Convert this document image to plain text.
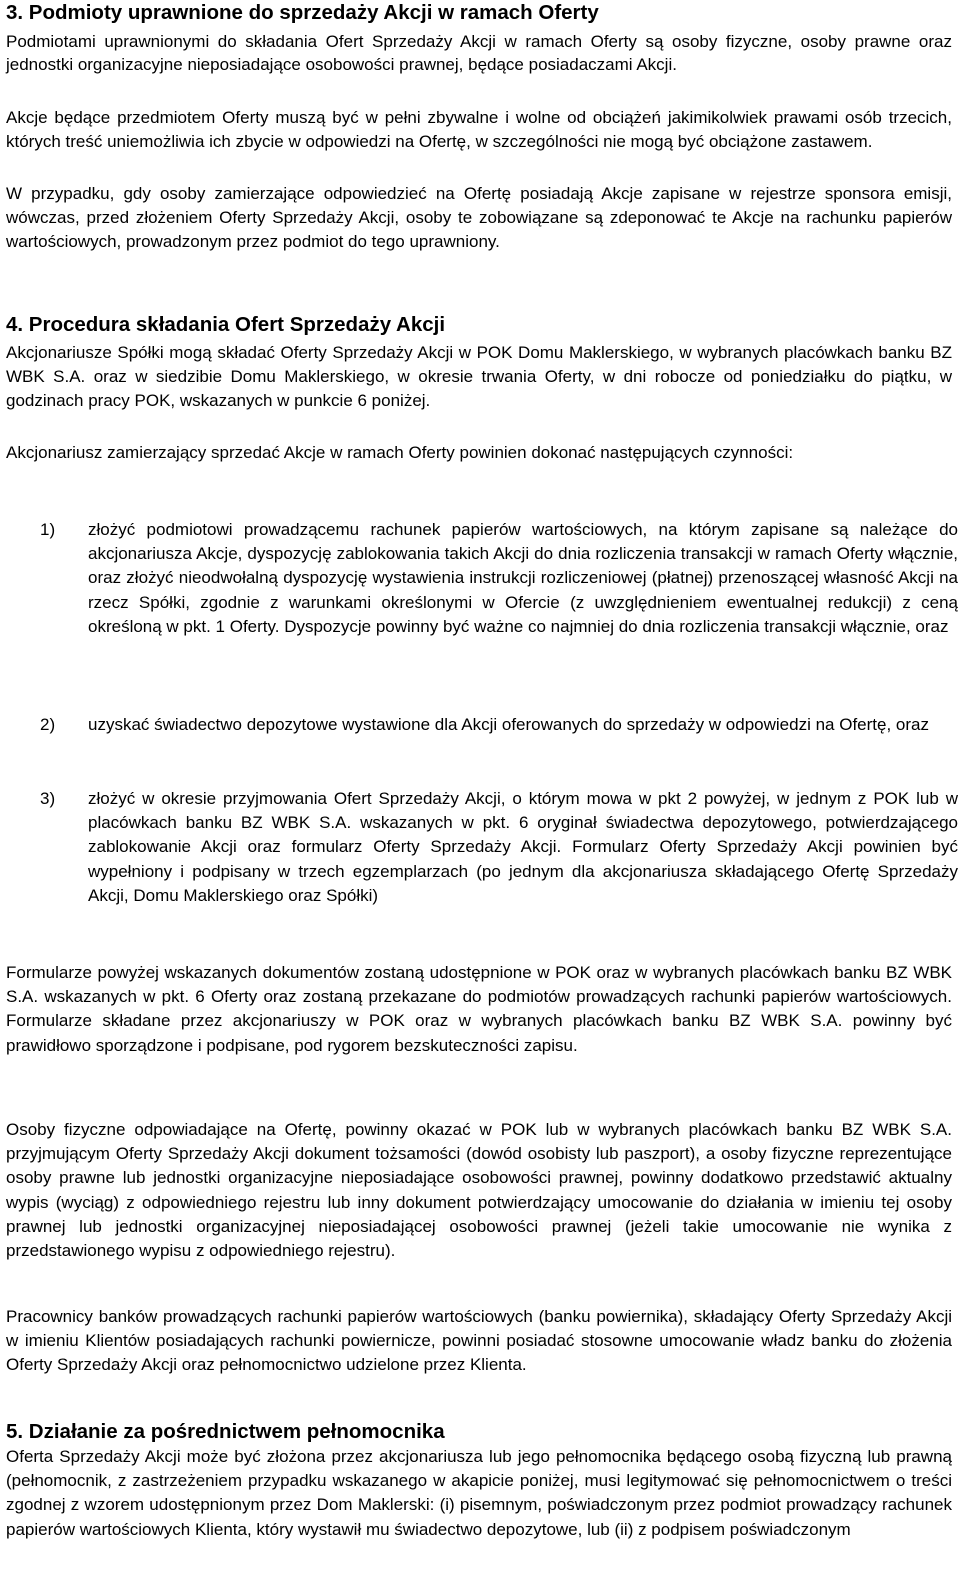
3. Podmioty uprawnione do sprzedaży Akcji w ramach Oferty

Podmiotami uprawnionymi do składania Ofert Sprzedaży Akcji w ramach Oferty są osoby fizyczne, osoby prawne oraz jednostki organizacyjne nieposiadające osobowości prawnej, będące posiadaczami Akcji.

Akcje będące przedmiotem Oferty muszą być w pełni zbywalne i wolne od obciążeń jakimikolwiek prawami osób trzecich, których treść uniemożliwia ich zbycie w odpowiedzi na Ofertę, w szczególności nie mogą być obciążone zastawem.

W przypadku, gdy osoby zamierzające odpowiedzieć na Ofertę posiadają Akcje zapisane w rejestrze sponsora emisji, wówczas, przed złożeniem Oferty Sprzedaży Akcji, osoby te zobowiązane są zdeponować te Akcje na rachunku papierów wartościowych, prowadzonym przez podmiot do tego uprawniony.

4. Procedura składania Ofert Sprzedaży Akcji

Akcjonariusze Spółki mogą składać Oferty Sprzedaży Akcji w POK Domu Maklerskiego, w wybranych placówkach banku BZ WBK S.A. oraz w siedzibie Domu Maklerskiego, w okresie trwania Oferty, w dni robocze od poniedziałku do piątku, w godzinach pracy POK, wskazanych w punkcie 6 poniżej.

Akcjonariusz zamierzający sprzedać Akcje w ramach Oferty powinien dokonać następujących czynności:

1) złożyć podmiotowi prowadzącemu rachunek papierów wartościowych, na którym zapisane są należące do akcjonariusza Akcje, dyspozycję zablokowania takich Akcji do dnia rozliczenia transakcji w ramach Oferty włącznie, oraz złożyć nieodwołalną dyspozycję wystawienia instrukcji rozliczeniowej (płatnej) przenoszącej własność Akcji na rzecz Spółki, zgodnie z warunkami określonymi w Ofercie (z uwzględnieniem ewentualnej redukcji) z ceną określoną w pkt. 1 Oferty. Dyspozycje powinny być ważne co najmniej do dnia rozliczenia transakcji włącznie, oraz
2) uzyskać świadectwo depozytowe wystawione dla Akcji oferowanych do sprzedaży w odpowiedzi na Ofertę, oraz
3) złożyć w okresie przyjmowania Ofert Sprzedaży Akcji, o którym mowa w pkt 2 powyżej, w jednym z POK lub w placówkach banku BZ WBK S.A. wskazanych w pkt. 6 oryginał świadectwa depozytowego, potwierdzającego zablokowanie Akcji oraz formularz Oferty Sprzedaży Akcji. Formularz Oferty Sprzedaży Akcji powinien być wypełniony i podpisany w trzech egzemplarzach (po jednym dla akcjonariusza składającego Ofertę Sprzedaży Akcji, Domu Maklerskiego oraz Spółki)

Formularze powyżej wskazanych dokumentów zostaną udostępnione w POK oraz w wybranych placówkach banku BZ WBK S.A. wskazanych w pkt. 6 Oferty oraz zostaną przekazane do podmiotów prowadzących rachunki papierów wartościowych. Formularze składane przez akcjonariuszy w POK oraz w wybranych placówkach banku BZ WBK S.A. powinny być prawidłowo sporządzone i podpisane, pod rygorem bezskuteczności zapisu.

Osoby fizyczne odpowiadające na Ofertę, powinny okazać w POK lub w wybranych placówkach banku BZ WBK S.A. przyjmującym Oferty Sprzedaży Akcji dokument tożsamości (dowód osobisty lub paszport), a osoby fizyczne reprezentujące osoby prawne lub jednostki organizacyjne nieposiadające osobowości prawnej, powinny dodatkowo przedstawić aktualny wypis (wyciąg) z odpowiedniego rejestru lub inny dokument potwierdzający umocowanie do działania w imieniu tej osoby prawnej lub jednostki organizacyjnej nieposiadającej osobowości prawnej (jeżeli takie umocowanie nie wynika z przedstawionego wypisu z odpowiedniego rejestru).

Pracownicy banków prowadzących rachunki papierów wartościowych (banku powiernika), składający Oferty Sprzedaży Akcji w imieniu Klientów posiadających rachunki powiernicze, powinni posiadać stosowne umocowanie władz banku do złożenia Oferty Sprzedaży Akcji oraz pełnomocnictwo udzielone przez Klienta.

5. Działanie za pośrednictwem pełnomocnika

Oferta Sprzedaży Akcji może być złożona przez akcjonariusza lub jego pełnomocnika będącego osobą fizyczną lub prawną (pełnomocnik, z zastrzeżeniem przypadku wskazanego w akapicie poniżej, musi legitymować się pełnomocnictwem o treści zgodnej z wzorem udostępnionym przez Dom Maklerski: (i) pisemnym, poświadczonym przez podmiot prowadzący rachunek papierów wartościowych Klienta, który wystawił mu świadectwo depozytowe, lub (ii) z podpisem poświadczonym
